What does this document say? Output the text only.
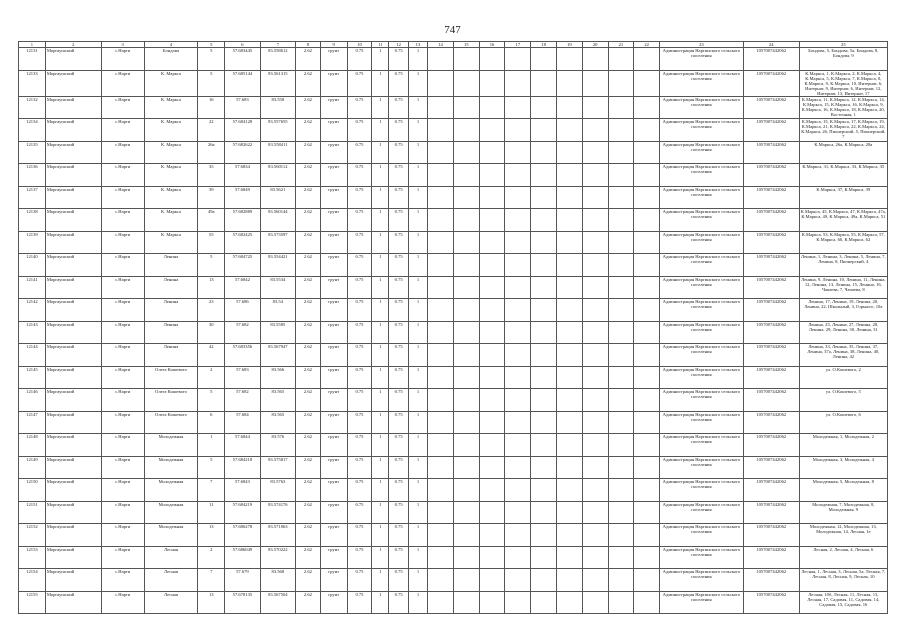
747
1	2	3	4	5	6	7	8	9	10	11	12	13	14	15	16	17	18	19	20	21	22	23	24	25
12131	Моргаушский	с.Нарги	Бондова	5	57.683445	83.558612	2.62	грунт	0.75	1	0.75	1										Администрация Наргинского сельского поселения	1057007442062	Бондова, 5, Бондова, 5а, Бондова, 8, Бондова, 9
12133	Моргаушский	с.Нарги	К. Маркса	5	57.685144	83.561315	2.62	грунт	0.75	1	0.75	1										Администрация Наргинского сельского поселения	1057007442062	К.Маркса, 1, К.Маркса, 2, К.Маркса, 4, К.Маркса, 5, К.Маркса, 7, К.Маркса, 8, К.Маркса, 9, К.Маркса, 10, Интернат, 6, Интернат, 9, Интернат, 6, Интернат, 12, Интернат, 13, Интернат, 17
12132	Моргаушский	с.Нарги	К. Маркса	16	57.683	83.558	2.62	грунт	0.75	1	0.75	1										Администрация Наргинского сельского поселения	1057007442062	К.Маркса, 11, К.Маркса, 12, К.Маркса, 14, К.Маркса, 15, К.Маркса, 16, К.Маркса, 9, К.Маркса, 16, К.Маркса, 18, К.Маркса, 20, Восточная, 1
12134	Моргаушский	с.Нарги	К. Маркса	22	57.684128	83.557655	2.62	грунт	0.75	1	0.75	1										Администрация Наргинского сельского поселения	1057007442062	К.Маркса, 15, К.Маркса, 17, К.Маркса, 19, К.Маркса, 21, К.Маркса, 22, К.Маркса, 24, К.Маркса, 26, Пионерский, 5, Пионерский, 7
12135	Моргаушский	с.Нарги	К. Маркса	26а	57.682622	83.558411	2.62	грунт	0.75	1	0.75	1										Администрация Наргинского сельского поселения	1057007442062	К.Маркса, 26а, К.Маркса, 28а
12136	Моргаушский	с.Нарги	К. Маркса	35	57.6834	83.560112	2.62	грунт	0.75	1	0.75	1										Администрация Наргинского сельского поселения	1057007442062	К.Маркса, 31, К.Маркса, 33, К.Маркса, 35
12137	Моргаушский	с.Нарги	К. Маркса	39	57.6849	83.5621	2.62	грунт	0.75	1	0.75	1										Администрация Наргинского сельского поселения	1057007442062	К.Маркса, 37, К.Маркса, 39
12138	Моргаушский	с.Нарги	К. Маркса	49а	57.682889	83.560144	2.62	грунт	0.75	1	0.75	1										Администрация Наргинского сельского поселения	1057007442062	К.Маркса, 45, К.Маркса, 47, К.Маркса, 47а, К.Маркса, 49, К.Маркса, 49а, К.Маркса, 51
12139	Моргаушский	с.Нарги	К. Маркса	55	57.682425	83.573597	2.62	грунт	0.75	1	0.75	1										Администрация Наргинского сельского поселения	1057007442062	К.Маркса, 53, К.Маркса, 55, К.Маркса, 57, К.Маркса, 60, К.Маркса, 62
12140	Моргаушский	с.Нарги	Ленина	5	57.684725	83.554421	2.62	грунт	0.75	1	0.75	1										Администрация Наргинского сельского поселения	1057007442062	Ленина, 1, Ленина, 3, Ленина, 5, Ленина, 7, Ленина, 8, Пионерский, 4
12141	Моргаушский	с.Нарги	Ленина	13	57.6842	83.5534	2.62	грунт	0.75	1	0.75	1										Администрация Наргинского сельского поселения	1057007442062	Ленина, 9, Ленина, 10, Ленина, 11, Ленина, 12, Ленина, 13, Ленина, 15, Ленина, 16, Чапаева, 7, Чапаева, 8
12142	Моргаушский	с.Нарги	Ленина	23	57.686	83.54	2.62	грунт	0.75	1	0.75	1										Администрация Наргинского сельского поселения	1057007442062	Ленина, 17, Ленина, 19, Ленина, 20, Ленина, 22, Школьный, 3, Горького, 10а
12143	Моргаушский	с.Нарги	Ленина	30	57.682	83.5585	2.62	грунт	0.75	1	0.75	1										Администрация Наргинского сельского поселения	1057007442062	Ленина, 25, Ленина, 27, Ленина, 28, Ленина, 29, Ленина, 30, Ленина, 31
12144	Моргаушский	с.Нарги	Ленина	42	57.683356	83.567947	2.62	грунт	0.75	1	0.75	1										Администрация Наргинского сельского поселения	1057007442062	Ленина, 33, Ленина, 35, Ленина, 37, Ленина, 37а, Ленина, 38, Ленина, 40, Ленина, 42
12145	Моргаушский	с.Нарги	Олега Кошевого	2	57.683	83.566	2.62	грунт	0.75	1	0.75	1										Администрация Наргинского сельского поселения	1057007442062	ул. О.Кошевого, 2
12146	Моргаушский	с.Нарги	Олега Кошевого	5	57.682	83.565	2.62	грунт	0.75	1	0.75	1										Администрация Наргинского сельского поселения	1057007442062	ул. О.Кошевого, 5
12147	Моргаушский	с.Нарги	Олега Кошевого	6	57.684	83.565	2.62	грунт	0.75	1	0.75	1										Администрация Наргинского сельского поселения	1057007442062	ул. О.Кошевого, 6
12148	Моргаушский	с.Нарги	Молодежная	1	57.6844	83.576	2.62	грунт	0.75	1	0.75	1										Администрация Наргинского сельского поселения	1057007442062	Молодежная, 1, Молодежная, 2
12149	Моргаушский	с.Нарги	Молодежная	5	57.684218	83.575817	2.62	грунт	0.75	1	0.75	1										Администрация Наргинского сельского поселения	1057007442062	Молодежная, 3, Молодежная, 4
12150	Моргаушский	с.Нарги	Молодежная	7	57.6843	83.5763	2.62	грунт	0.75	1	0.75	1										Администрация Наргинского сельского поселения	1057007442062	Молодежная, 5, Молодежная, 8
12151	Моргаушский	с.Нарги	Молодежная	11	57.684219	83.574176	2.62	грунт	0.75	1	0.75	1										Администрация Наргинского сельского поселения	1057007442062	Молодежная, 7, Молодежная, 8, Молодежная, 9
12152	Моргаушский	с.Нарги	Молодежная	13	57.686278	83.571063	2.62	грунт	0.75	1	0.75	1										Администрация Наргинского сельского поселения	1057007442062	Молодежная, 12, Молодежная, 13, Молодежная, 14, Лесная, 1е
12153	Моргаушский	с.Нарги	Лесная	2	57.686049	83.570222	2.62	грунт	0.75	1	0.75	1										Администрация Наргинского сельского поселения	1057007442062	Лесная, 2, Лесная, 4, Лесная, 6
12154	Моргаушский	с.Нарги	Лесная	7	57.679	83.568	2.62	грунт	0.75	1	0.75	1										Администрация Наргинского сельского поселения	1057007442062	Лесная, 1, Лесная, 3, Лесная, 5а, Лесная, 7, Лесная, 8, Лесная, 9, Лесная, 10
12155	Моргаушский	с.Нарги	Лесная	13	57.678135	83.567504	2.62	грунт	0.75	1	0.75	1										Администрация Наргинского сельского поселения	1057007442062	Лесная, 10б, Лесная, 11, Лесная, 13, Лесная, 17, Садовая, 11, Садовая, 14, Садовая, 15, Садовая, 16
